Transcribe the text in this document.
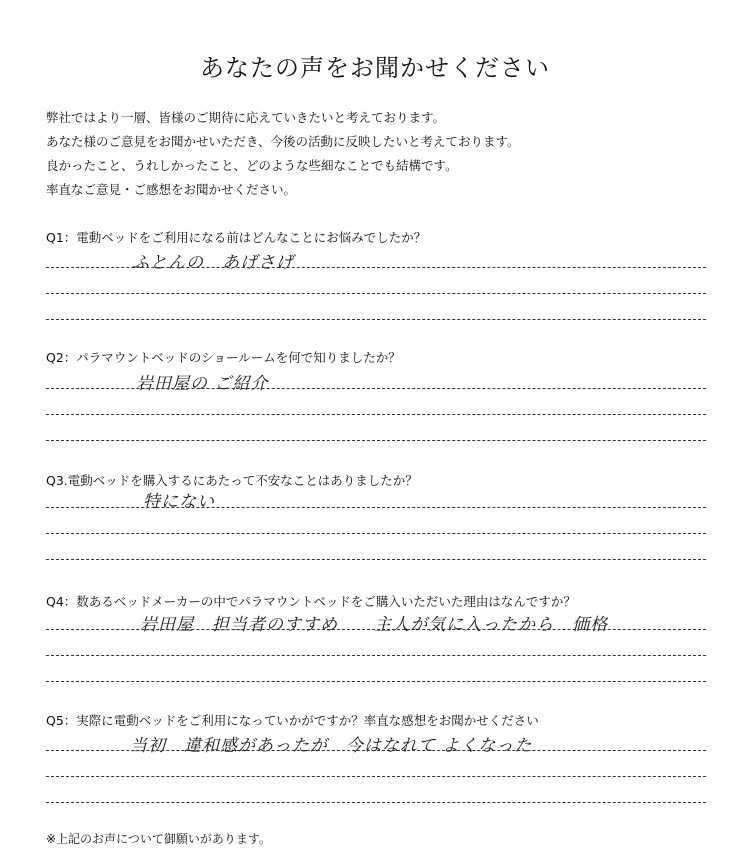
あなたの声をお聞かせください
弊社ではより一層、皆様のご期待に応えていきたいと考えております。
あなた様のご意見をお聞かせいただき、今後の活動に反映したいと考えております。
良かったこと、うれしかったこと、どのような些細なことでも結構です。
率直なご意見・ご感想をお聞かせください。
Q1：電動ベッドをご利用になる前はどんなことにお悩みでしたか？
ふとんの　あげさげ
Q2：パラマウントベッドのショールームを何で知りましたか？
岩田屋の ご紹介
Q3.電動ベッドを購入するにあたって不安なことはありましたか？
特にない
Q4：数あるベッドメーカーの中でパラマウントベッドをご購入いただいた理由はなんですか？
岩田屋　担当者のすすめ　　主人が気に入ったから　価格
Q5：実際に電動ベッドをご利用になっていかがですか？率直な感想をお聞かせください
当初　違和感があったが　今はなれて よくなった
※上記のお声について御願いがあります。
